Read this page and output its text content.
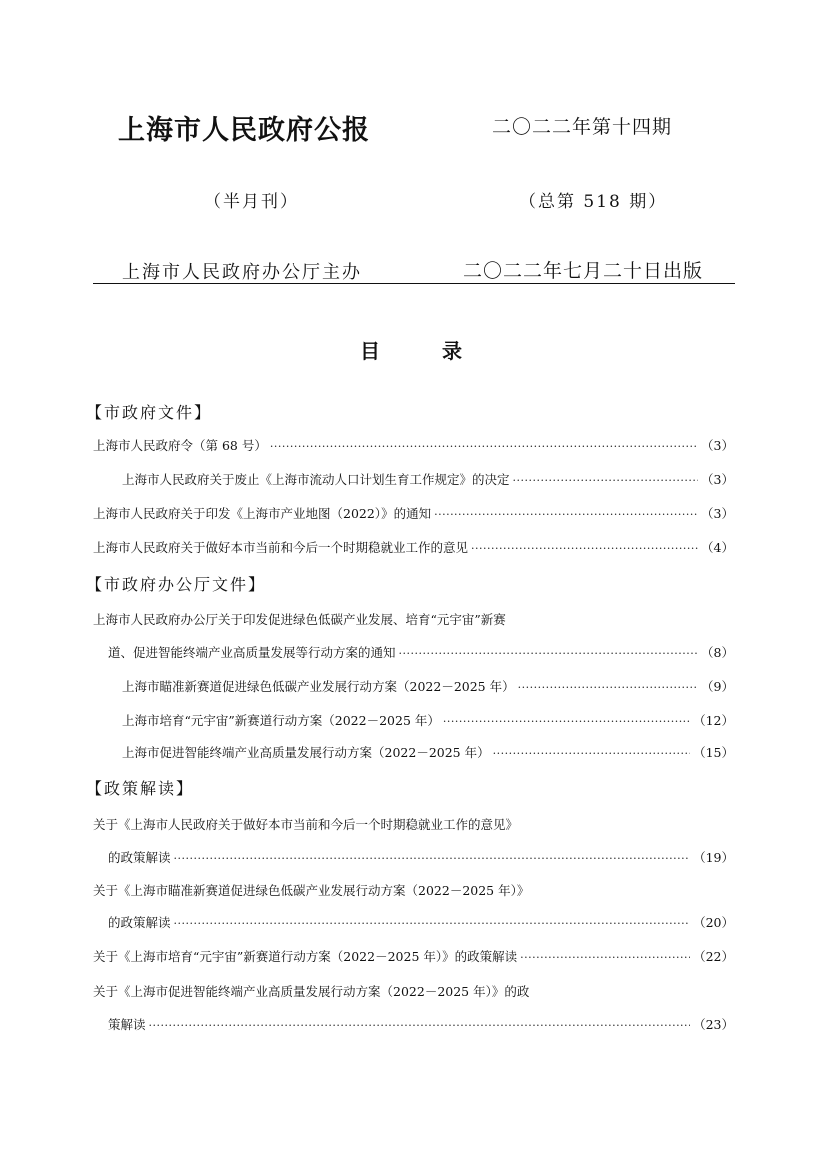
上海市人民政府公报	二〇二二年第十四期
（半月刊）	（总第 518 期）
上海市人民政府办公厅主办	二〇二二年七月二十日出版
目	录
【市政府文件】
上海市人民政府令（第 68 号） ·····	（3）
上海市人民政府关于废止《上海市流动人口计划生育工作规定》的决定 ·····	（3）
上海市人民政府关于印发《上海市产业地图（2022）》的通知 ·····	（3）
上海市人民政府关于做好本市当前和今后一个时期稳就业工作的意见 ·····	（4）
【市政府办公厅文件】
上海市人民政府办公厅关于印发促进绿色低碳产业发展、培育“元宇宙”新赛
道、促进智能终端产业高质量发展等行动方案的通知 ·····	（8）
上海市瞄准新赛道促进绿色低碳产业发展行动方案（2022－2025 年） ·····	（9）
上海市培育“元宇宙”新赛道行动方案（2022－2025 年） ·····	（12）
上海市促进智能终端产业高质量发展行动方案（2022－2025 年） ·····	（15）
【政策解读】
关于《上海市人民政府关于做好本市当前和今后一个时期稳就业工作的意见》
的政策解读 ·····	（19）
关于《上海市瞄准新赛道促进绿色低碳产业发展行动方案（2022－2025 年）》
的政策解读 ·····	（20）
关于《上海市培育“元宇宙”新赛道行动方案（2022－2025 年）》的政策解读 ·····	（22）
关于《上海市促进智能终端产业高质量发展行动方案（2022－2025 年）》的政
策解读 ·····	（23）
